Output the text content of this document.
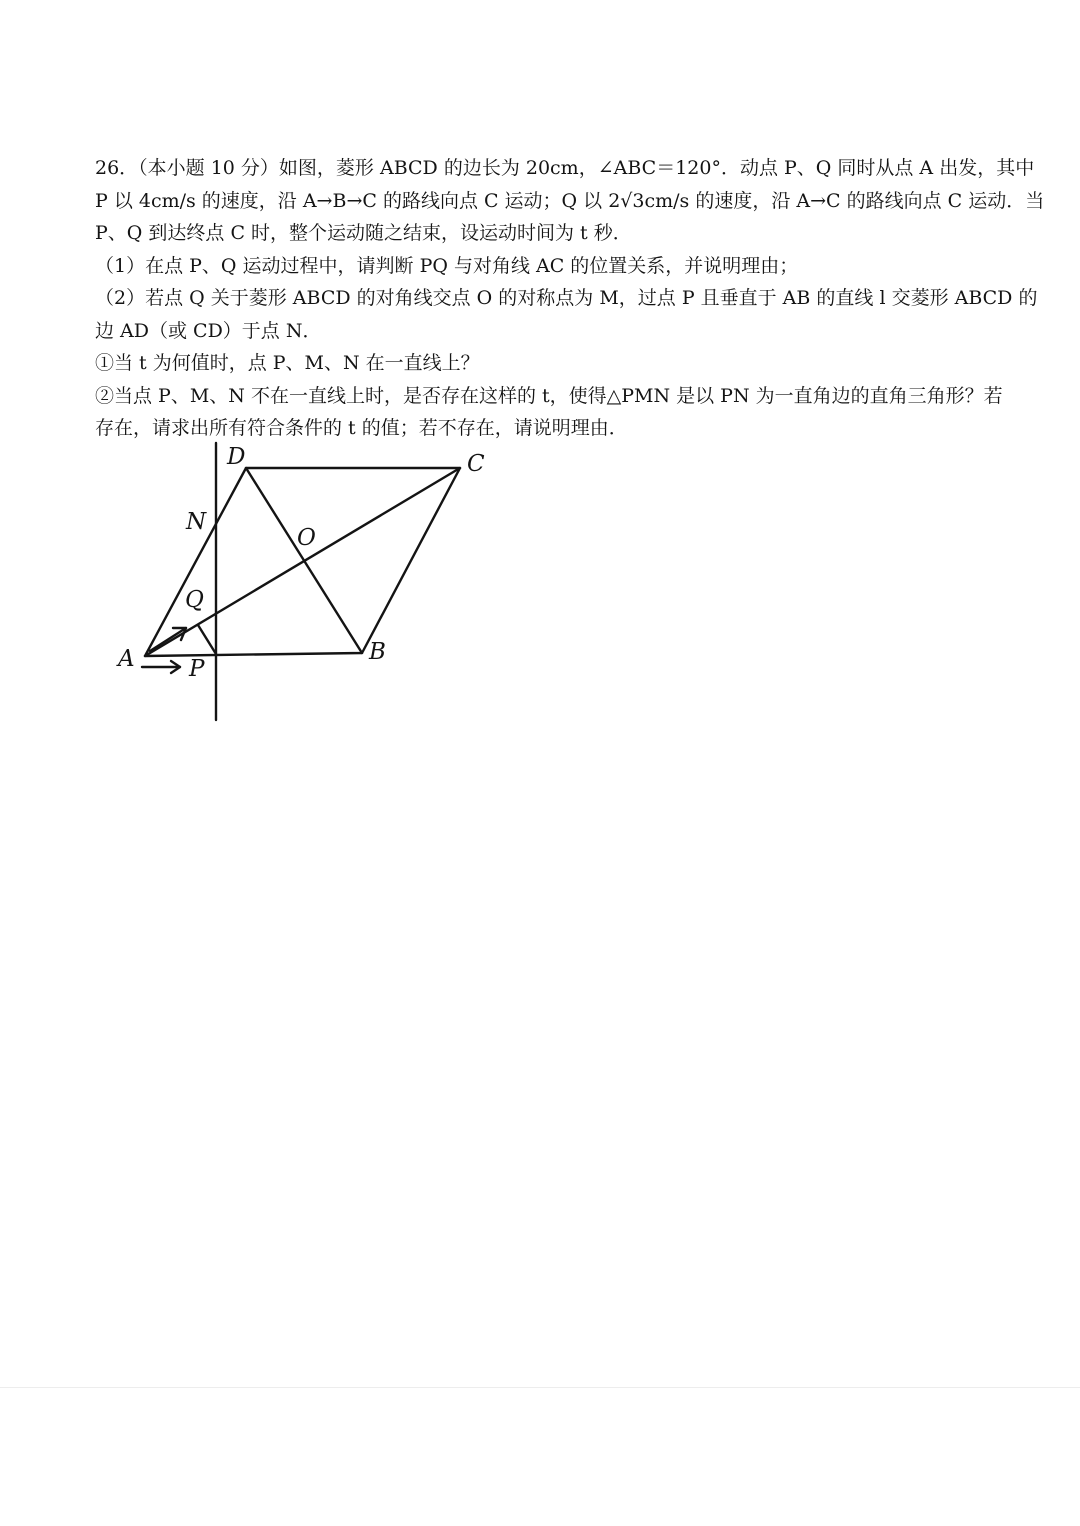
26．（本小题 10 分）如图，菱形 ABCD 的边长为 20cm，∠ABC＝120°．动点 P、Q 同时从点 A 出发，其中

P 以 4cm/s 的速度，沿 A→B→C 的路线向点 C 运动；Q 以 2√3cm/s 的速度，沿 A→C 的路线向点 C 运动．当

P、Q 到达终点 C 时，整个运动随之结束，设运动时间为 t 秒．

（1）在点 P、Q 运动过程中，请判断 PQ 与对角线 AC 的位置关系，并说明理由；

（2）若点 Q 关于菱形 ABCD 的对角线交点 O 的对称点为 M，过点 P 且垂直于 AB 的直线 l 交菱形 ABCD 的

边 AD（或 CD）于点 N．

①当 t 为何值时，点 P、M、N 在一直线上？

②当点 P、M、N 不在一直线上时，是否存在这样的 t，使得△PMN 是以 PN 为一直角边的直角三角形？若

存在，请求出所有符合条件的 t 的值；若不存在，请说明理由．

A	B
C
D
N
O
Q
P
